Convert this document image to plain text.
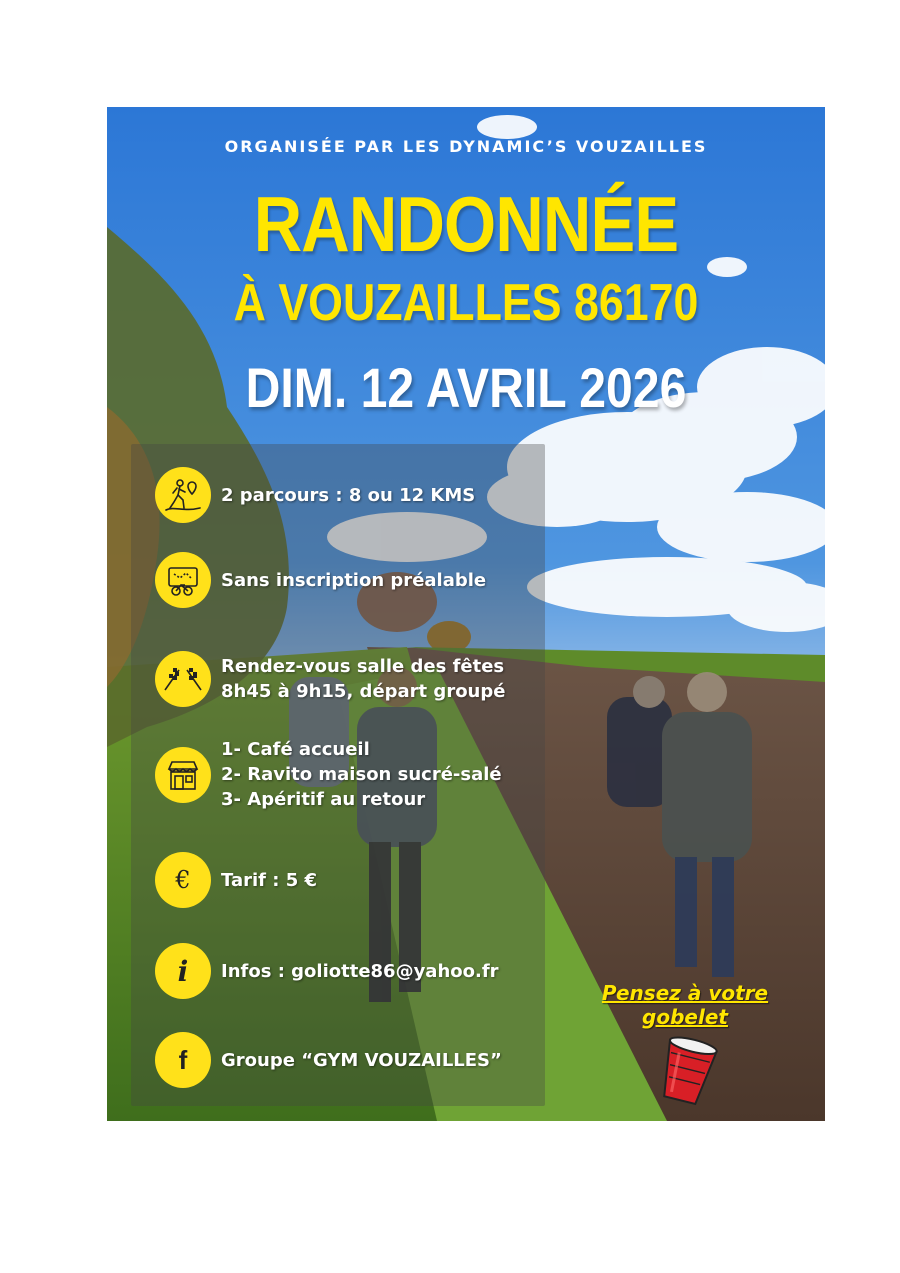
ORGANISÉE PAR LES DYNAMIC’S VOUZAILLES
RANDONNÉE
À VOUZAILLES 86170
DIM. 12 AVRIL 2026
2 parcours : 8 ou 12 KMS
Sans inscription préalable
Rendez-vous salle des fêtes
8h45 à 9h15, départ groupé
1- Café accueil
2- Ravito maison sucré-salé
3- Apéritif au retour
€ Tarif : 5 €
i Infos : goliotte86@yahoo.fr
f Groupe “GYM VOUZAILLES”
Pensez à votre
gobelet
